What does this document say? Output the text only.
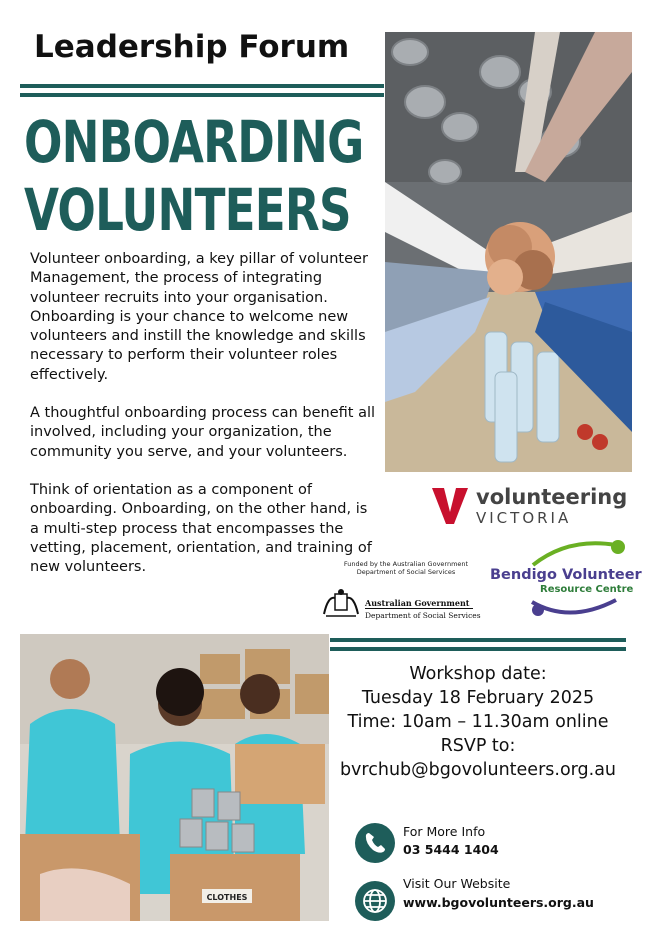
Leadership Forum
ONBOARDING
VOLUNTEERS

Volunteer onboarding, a key pillar of volunteer Management, the process of integrating volunteer recruits into your organisation. Onboarding is your chance to welcome new volunteers and instill the knowledge and skills necessary to perform their volunteer roles effectively.

A thoughtful onboarding process can benefit all involved, including your organization, the community you serve, and your volunteers.

Think of orientation as a component of onboarding. Onboarding, on the other hand, is a multi-step process that encompasses the vetting, placement, orientation, and training of new volunteers.

volunteering
VICTORIA
Funded by the Australian Government
Department of Social Services
Australian Government
Department of Social Services
Bendigo Volunteer
Resource Centre
CLOTHES
Workshop date:
Tuesday 18 February 2025
Time: 10am – 11.30am online
RSVP to:
bvrchub@bgovolunteers.org.au
For More Info
03 5444 1404
Visit Our Website
www.bgovolunteers.org.au
